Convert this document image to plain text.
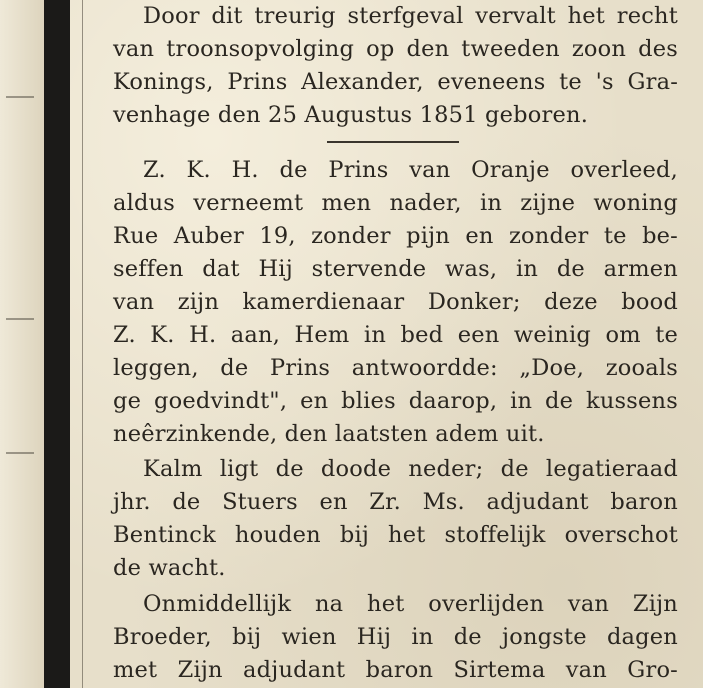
Door dit treurig sterfgeval vervalt het recht
van troonsopvolging op den tweeden zoon des
Konings, Prins Alexander, eveneens te 's Gra-
venhage den 25 Augustus 1851 geboren.
Z. K. H. de Prins van Oranje overleed,
aldus verneemt men nader, in zijne woning
Rue Auber 19, zonder pijn en zonder te be-
seffen dat Hij stervende was, in de armen
van zijn kamerdienaar Donker; deze bood
Z. K. H. aan, Hem in bed een weinig om te
leggen, de Prins antwoordde: „Doe, zooals
ge goedvindt", en blies daarop, in de kussens
neêrzinkende, den laatsten adem uit.
Kalm ligt de doode neder; de legatieraad
jhr. de Stuers en Zr. Ms. adjudant baron
Bentinck houden bij het stoffelijk overschot
de wacht.
Onmiddellijk na het overlijden van Zijn
Broeder, bij wien Hij in de jongste dagen
met Zijn adjudant baron Sirtema van Gro-
